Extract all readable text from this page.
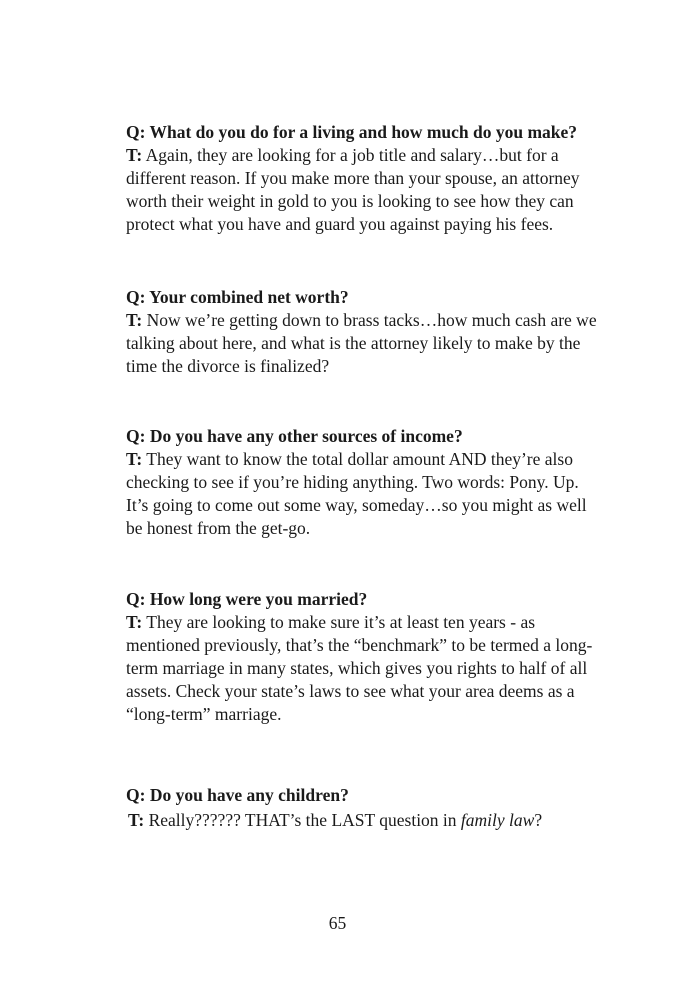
Q: What do you do for a living and how much do you make?

T: Again, they are looking for a job title and salary…but for a different reason. If you make more than your spouse, an attorney worth their weight in gold to you is looking to see how they can protect what you have and guard you against paying his fees.

Q: Your combined net worth?

T: Now we’re getting down to brass tacks…how much cash are we talking about here, and what is the attorney likely to make by the time the divorce is finalized?

Q: Do you have any other sources of income?

T: They want to know the total dollar amount AND they’re also checking to see if you’re hiding anything. Two words: Pony. Up. It’s going to come out some way, someday…so you might as well be honest from the get-go.

Q: How long were you married?

T: They are looking to make sure it’s at least ten years - as mentioned previously, that’s the “benchmark” to be termed a long-term marriage in many states, which gives you rights to half of all assets. Check your state’s laws to see what your area deems as a “long-term” marriage.

Q: Do you have any children?

T: Really?????? THAT’s the LAST question in family law?

65
